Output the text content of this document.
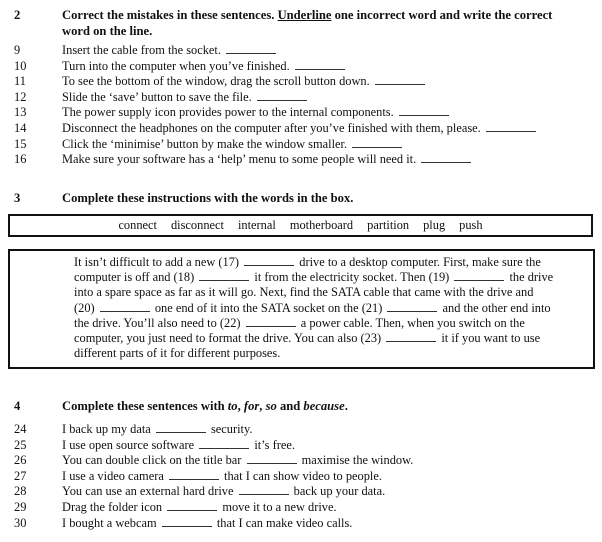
2	Correct the mistakes in these sentences. Underline one incorrect word and write the correct word on the line.
9	Insert the cable from the socket.
10	Turn into the computer when you’ve finished.
11	To see the bottom of the window, drag the scroll button down.
12	Slide the ‘save’ button to save the file.
13	The power supply icon provides power to the internal components.
14	Disconnect the headphones on the computer after you’ve finished with them, please.
15	Click the ‘minimise’ button by make the window smaller.
16	Make sure your software has a ‘help’ menu to some people will need it.
3	Complete these instructions with the words in the box.
connect disconnect internal motherboard partition plug push
It isn’t difficult to add a new (17)	drive to a desktop computer. First, make sure the
computer is off and (18)	it from the electricity socket. Then (19)	the drive
into a spare space as far as it will go. Next, find the SATA cable that came with the drive and
(20)	one end of it into the SATA socket on the (21)	and the other end into
the drive. You’ll also need to (22)	a power cable. Then, when you switch on the
computer, you just need to format the drive. You can also (23)	it if you want to use
different parts of it for different purposes.
4	Complete these sentences with to, for, so and because.
24	I back up my data	security.
25	I use open source software	it’s free.
26	You can double click on the title bar	maximise the window.
27	I use a video camera	that I can show video to people.
28	You can use an external hard drive	back up your data.
29	Drag the folder icon	move it to a new drive.
30	I bought a webcam	that I can make video calls.
